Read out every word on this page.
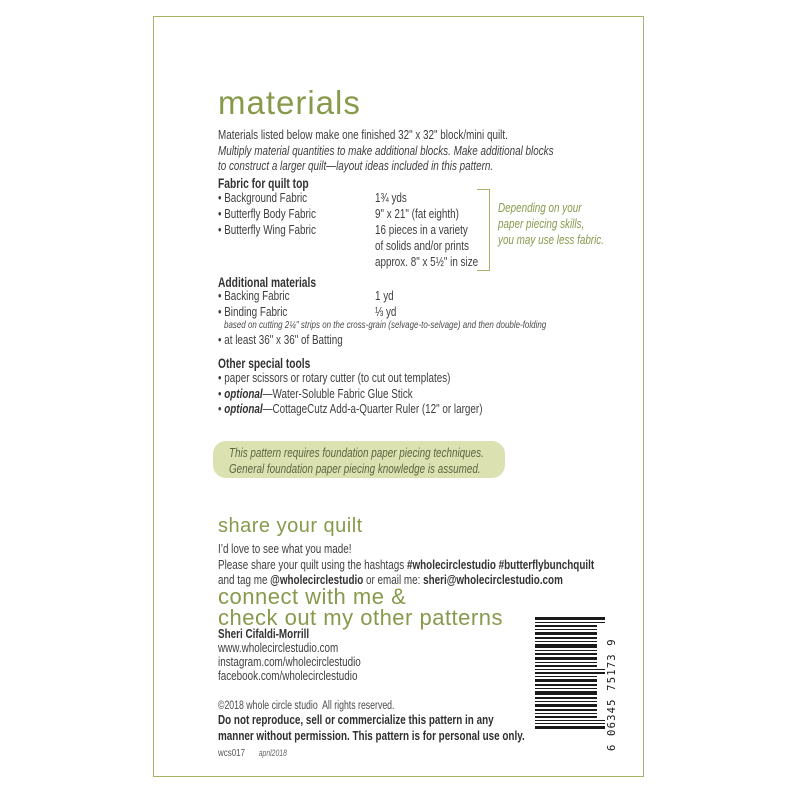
materials
Materials listed below make one finished 32" x 32" block/mini quilt.
Multiply material quantities to make additional blocks. Make additional blocks
to construct a larger quilt—layout ideas included in this pattern.
Fabric for quilt top
• Background Fabric
• Butterfly Body Fabric
• Butterfly Wing Fabric
1¾ yds
9" x 21" (fat eighth)
16 pieces in a variety
of solids and/or prints
approx. 8" x 5½" in size
Depending on your
paper piecing skills,
you may use less fabric.
Additional materials
• Backing Fabric
• Binding Fabric
1 yd
⅓ yd
based on cutting 2¼" strips on the cross-grain (selvage-to-selvage) and then double-folding
• at least 36" x 36" of Batting
Other special tools
• paper scissors or rotary cutter (to cut out templates)
• optional—Water-Soluble Fabric Glue Stick
• optional—CottageCutz Add-a-Quarter Ruler (12" or larger)
This pattern requires foundation paper piecing techniques.
General foundation paper piecing knowledge is assumed.
share your quilt
I’d love to see what you made!
Please share your quilt using the hashtags #wholecirclestudio #butterflybunchquilt
and tag me @wholecirclestudio or email me: sheri@wholecirclestudio.com
connect with me &
check out my other patterns
Sheri Cifaldi-Morrill
www.wholecirclestudio.com
instagram.com/wholecirclestudio
facebook.com/wholecirclestudio	6 06345 75173 9
©2018 whole circle studio  All rights reserved.
Do not reproduce, sell or commercialize this pattern in any
manner without permission. This pattern is for personal use only.
wcs017 april2018
